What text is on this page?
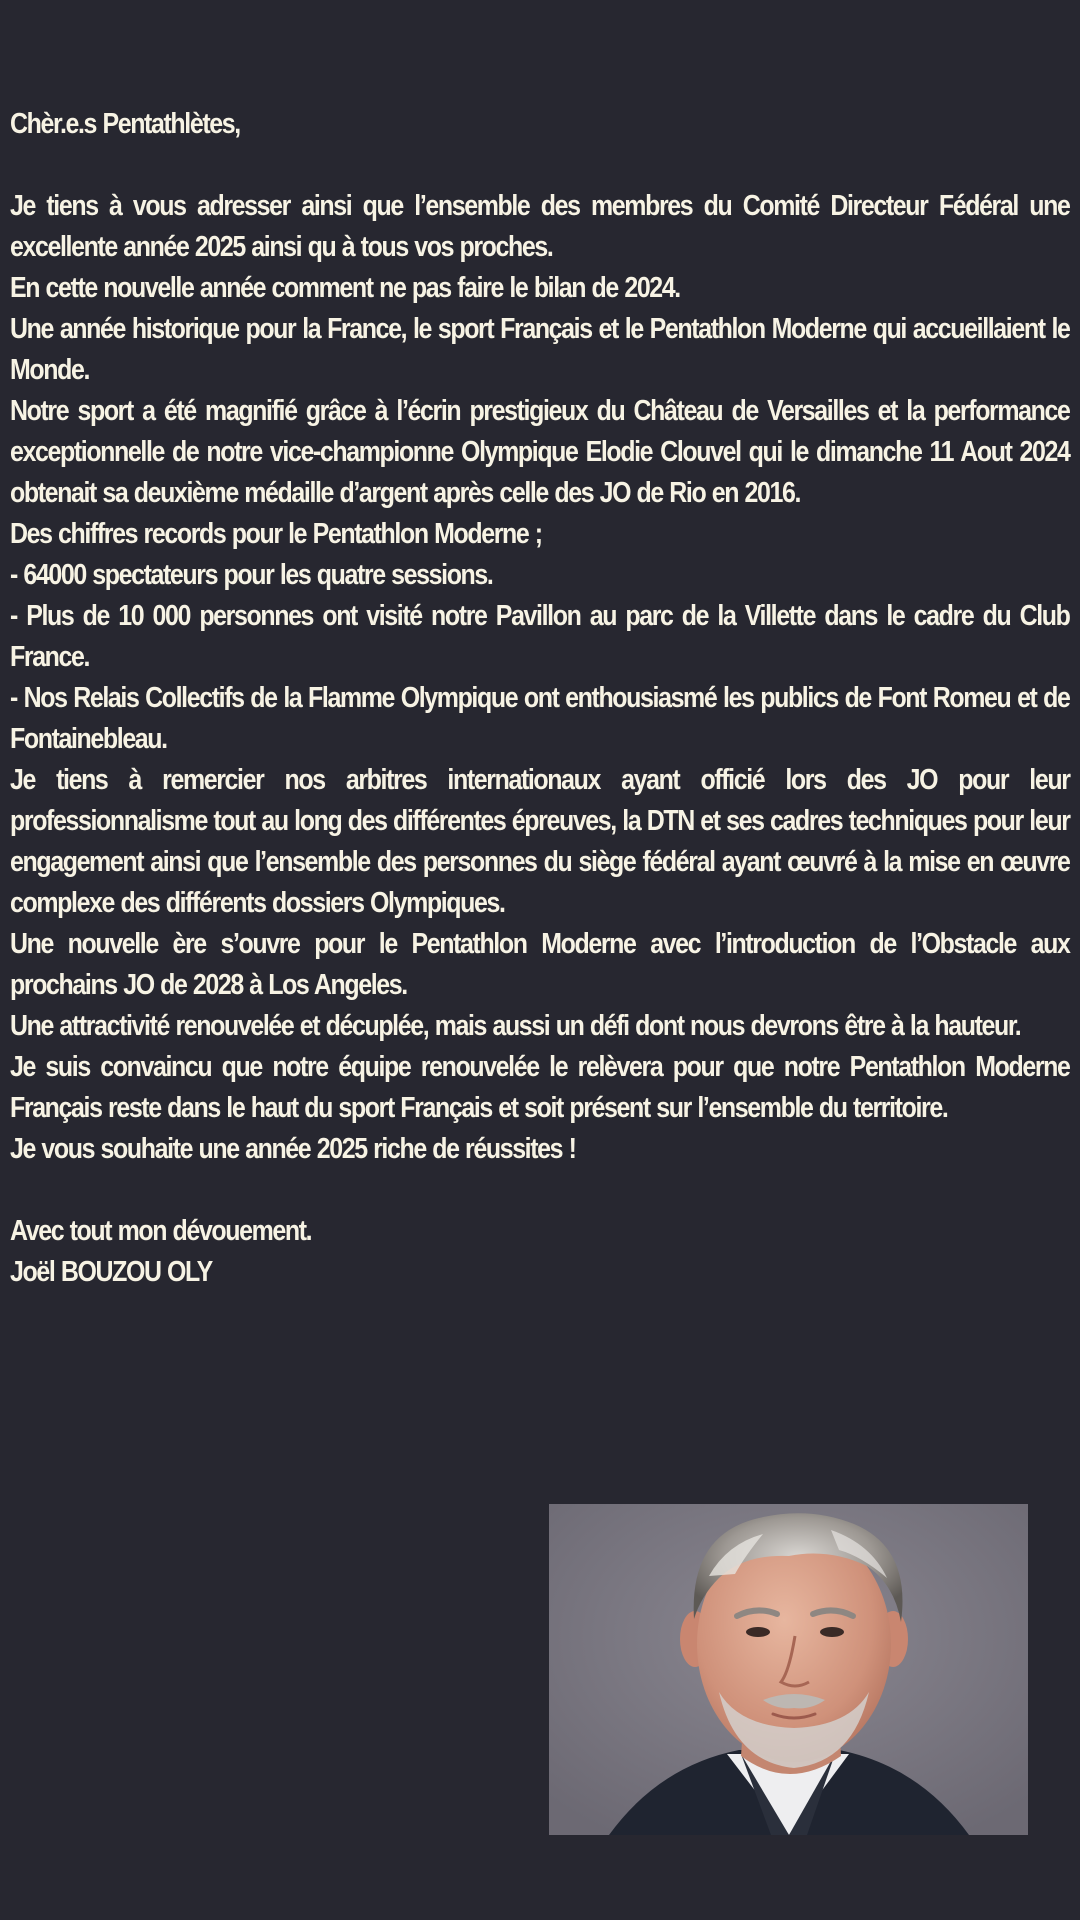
Chèr.e.s Pentathlètes,

Je tiens à vous adresser ainsi que l’ensemble des membres du Comité Directeur Fédéral une excellente année 2025 ainsi qu à tous vos proches.

En cette nouvelle année comment ne pas faire le bilan de 2024.

Une année historique pour la France, le sport Français et le Pentathlon Moderne qui accueillaient le Monde.

Notre sport a été magnifié grâce à l’écrin prestigieux du Château de Versailles et la performance exceptionnelle de notre vice-championne Olympique Elodie Clouvel qui le dimanche 11 Aout 2024 obtenait sa deuxième médaille d’argent après celle des JO de Rio en 2016.

Des chiffres records pour le Pentathlon Moderne ;

- 64000 spectateurs pour les quatre sessions.

- Plus de 10 000 personnes ont visité notre Pavillon au parc de la Villette dans le cadre du Club France.

- Nos Relais Collectifs de la Flamme Olympique ont enthousiasmé les publics de Font Romeu et de Fontainebleau.

Je tiens à remercier nos arbitres internationaux ayant officié lors des JO pour leur professionnalisme tout au long des différentes épreuves, la DTN et ses cadres techniques pour leur engagement ainsi que l’ensemble des personnes du siège fédéral ayant œuvré à la mise en œuvre complexe des différents dossiers Olympiques.

Une nouvelle ère s’ouvre pour le Pentathlon Moderne avec l’introduction de l’Obstacle aux prochains JO de 2028 à Los Angeles.

Une attractivité renouvelée et décuplée, mais aussi un défi dont nous devrons être à la hauteur.

Je suis convaincu que notre équipe renouvelée le relèvera pour que notre Pentathlon Moderne Français reste dans le haut du sport Français et soit présent sur l’ensemble du territoire.

Je vous souhaite une année 2025 riche de réussites !

Avec tout mon dévouement.
Joël BOUZOU OLY
